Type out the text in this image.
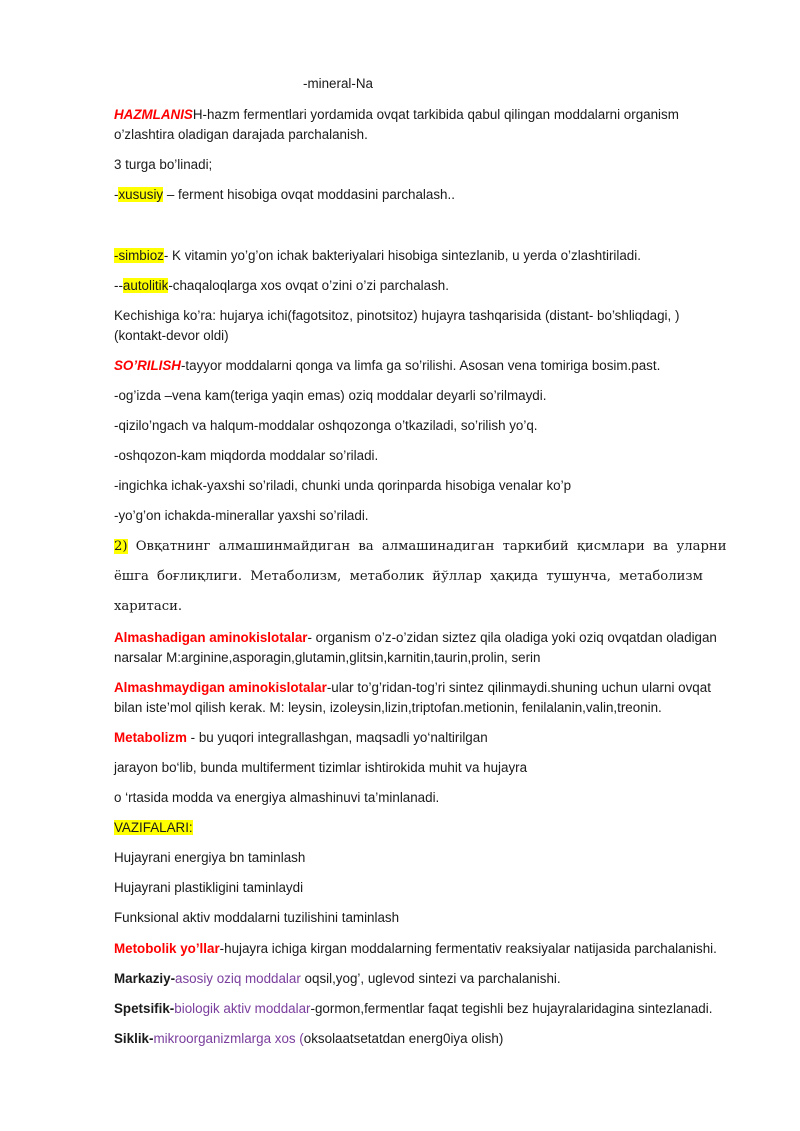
-mineral-Na
HAZMLANISH-hazm fermentlari yordamida ovqat tarkibida qabul qilingan moddalarni organism
o’zlashtira oladigan darajada parchalanish.
3 turga bo’linadi;
-xususiy – ferment hisobiga ovqat moddasini parchalash..
-simbioz- K vitamin yo’g’on ichak bakteriyalari hisobiga sintezlanib, u yerda o’zlashtiriladi.
--autolitik-chaqaloqlarga xos ovqat o’zini o’zi parchalash.
Kechishiga ko’ra: hujarya ichi(fagotsitoz, pinotsitoz) hujayra tashqarisida (distant- bo’shliqdagi, )
(kontakt-devor oldi)
SO’RILISH-tayyor moddalarni qonga va limfa ga so’rilishi. Asosan vena tomiriga bosim.past.
-og’izda –vena kam(teriga yaqin emas) oziq moddalar deyarli so’rilmaydi.
-qizilo’ngach va halqum-moddalar oshqozonga o’tkaziladi, so’rilish yo’q.
-oshqozon-kam miqdorda moddalar so’riladi.
-ingichka ichak-yaxshi so’riladi, chunki unda qorinparda hisobiga venalar ko’p
-yo’g’on ichakda-minerallar yaxshi so’riladi.
2) Овқатнинг алмашинмайдиган ва алмашинадиган таркибий қисмлари ва уларни
ёшга боғлиқлиги. Метаболизм, метаболик йўллар ҳақида тушунча, метаболизм
харитаси.
Almashadigan aminokislotalar- organism o’z-o’zidan siztez qila oladiga yoki oziq ovqatdan oladigan
narsalar M:arginine,asporagin,glutamin,glitsin,karnitin,taurin,prolin, serin
Almashmaydigan aminokislotalar-ular to’g’ridan-tog’ri sintez qilinmaydi.shuning uchun ularni ovqat
bilan iste’mol qilish kerak. M: leysin, izoleysin,lizin,triptofan.metionin, fenilalanin,valin,treonin.
Metabolizm - bu yuqori integrallashgan, maqsadli yo‘naltirilgan
jarayon bo‘lib, bunda multiferment tizimlar ishtirokida muhit va hujayra
o ‘rtasida modda va energiya almashinuvi ta’minlanadi.
VAZIFALARI:
Hujayrani energiya bn taminlash
Hujayrani plastikligini taminlaydi
Funksional aktiv moddalarni tuzilishini taminlash
Metobolik yo’llar-hujayra ichiga kirgan moddalarning fermentativ reaksiyalar natijasida parchalanishi.
Markaziy-asosiy oziq moddalar oqsil,yog’, uglevod sintezi va parchalanishi.
Spetsifik-biologik aktiv moddalar-gormon,fermentlar faqat tegishli bez hujayralaridagina sintezlanadi.
Siklik-mikroorganizmlarga xos (oksolaatsetatdan energ0iya olish)
